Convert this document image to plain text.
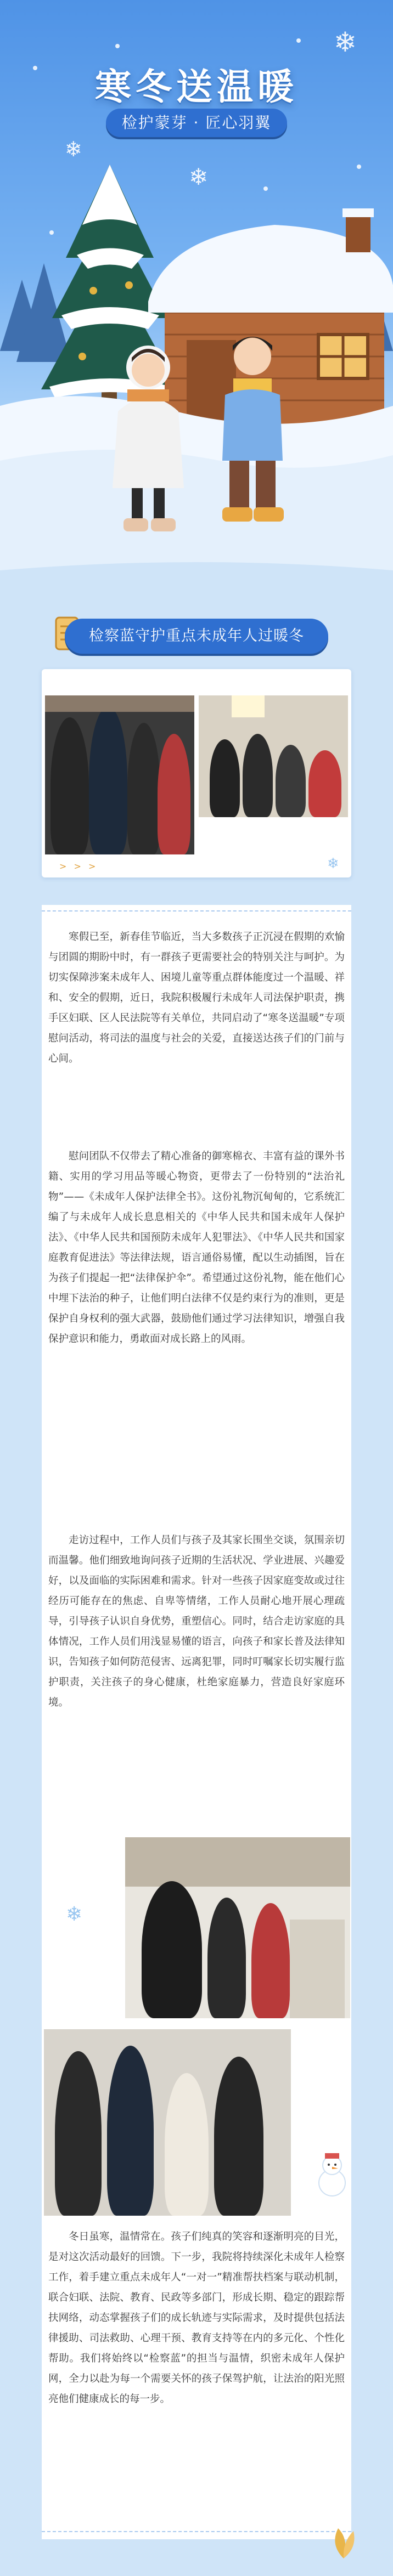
❄
❄
❄
寒冬送温暖
检护蒙芽 · 匠心羽翼
检察蓝守护重点未成年人过暖冬
> > >	❄

寒假已至，新春佳节临近，当大多数孩子正沉浸在假期的欢愉与团圆的期盼中时，有一群孩子更需要社会的特别关注与呵护。为切实保障涉案未成年人、困境儿童等重点群体能度过一个温暖、祥和、安全的假期，近日，我院积极履行未成年人司法保护职责，携手区妇联、区人民法院等有关单位，共同启动了“寒冬送温暖”专项慰问活动，将司法的温度与社会的关爱，直接送达孩子们的门前与心间。

慰问团队不仅带去了精心准备的御寒棉衣、丰富有益的课外书籍、实用的学习用品等暖心物资，更带去了一份特别的“法治礼物”——《未成年人保护法律全书》。这份礼物沉甸甸的，它系统汇编了与未成年人成长息息相关的《中华人民共和国未成年人保护法》、《中华人民共和国预防未成年人犯罪法》、《中华人民共和国家庭教育促进法》等法律法规，语言通俗易懂，配以生动插图，旨在为孩子们提起一把“法律保护伞”。希望通过这份礼物，能在他们心中埋下法治的种子，让他们明白法律不仅是约束行为的准则，更是保护自身权利的强大武器，鼓励他们通过学习法律知识，增强自我保护意识和能力，勇敢面对成长路上的风雨。

走访过程中，工作人员们与孩子及其家长围坐交谈，氛围亲切而温馨。他们细致地询问孩子近期的生活状况、学业进展、兴趣爱好，以及面临的实际困难和需求。针对一些孩子因家庭变故或过往经历可能存在的焦虑、自卑等情绪，工作人员耐心地开展心理疏导，引导孩子认识自身优势，重塑信心。同时，结合走访家庭的具体情况，工作人员们用浅显易懂的语言，向孩子和家长普及法律知识，告知孩子如何防范侵害、远离犯罪，同时叮嘱家长切实履行监护职责，关注孩子的身心健康，杜绝家庭暴力，营造良好家庭环境。

❄

冬日虽寒，温情常在。孩子们纯真的笑容和逐渐明亮的目光，是对这次活动最好的回馈。下一步，我院将持续深化未成年人检察工作，着手建立重点未成年人“一对一”精准帮扶档案与联动机制，联合妇联、法院、教育、民政等多部门，形成长期、稳定的跟踪帮扶网络，动态掌握孩子们的成长轨迹与实际需求，及时提供包括法律援助、司法救助、心理干预、教育支持等在内的多元化、个性化帮助。我们将始终以“检察蓝”的担当与温情，织密未成年人保护网，全力以赴为每一个需要关怀的孩子保驾护航，让法治的阳光照亮他们健康成长的每一步。
